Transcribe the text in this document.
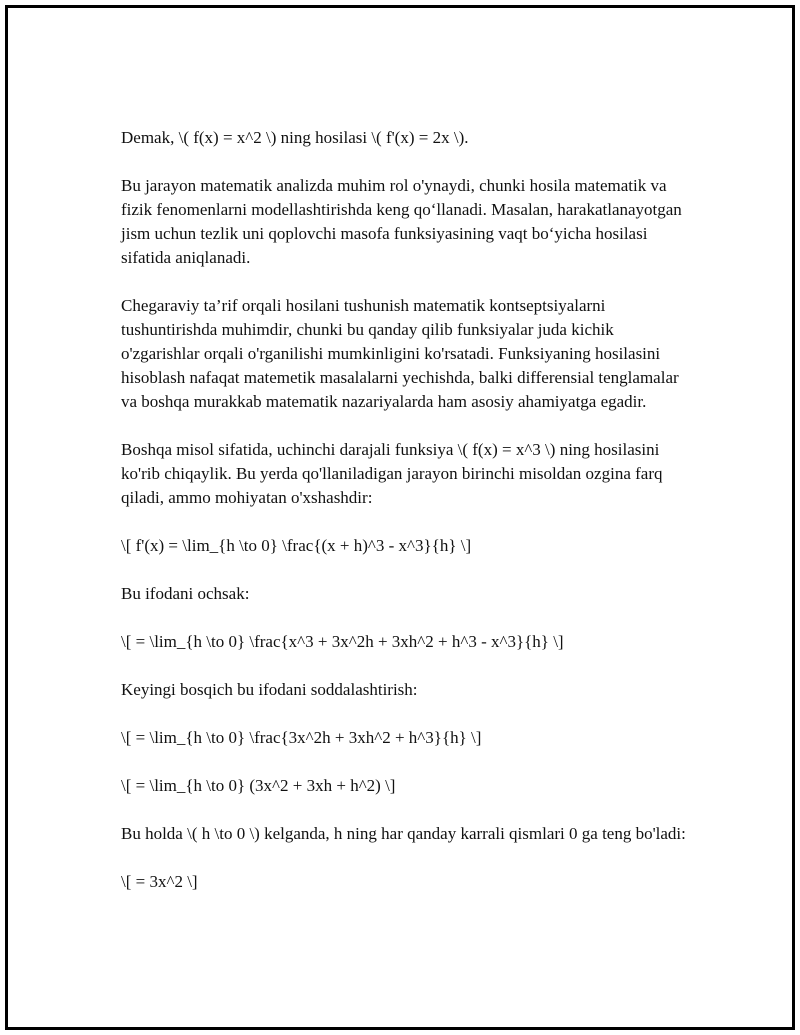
Demak, \( f(x) = x^2 \) ning hosilasi \( f'(x) = 2x \).

Bu jarayon matematik analizda muhim rol o'ynaydi, chunki hosila matematik va fizik fenomenlarni modellashtirishda keng qo‘llanadi. Masalan, harakatlanayotgan jism uchun tezlik uni qoplovchi masofa funksiyasining vaqt bo‘yicha hosilasi sifatida aniqlanadi.

Chegaraviy ta’rif orqali hosilani tushunish matematik kontseptsiyalarni tushuntirishda muhimdir, chunki bu qanday qilib funksiyalar juda kichik o'zgarishlar orqali o'rganilishi mumkinligini ko'rsatadi. Funksiyaning hosilasini hisoblash nafaqat matemetik masalalarni yechishda, balki differensial tenglamalar va boshqa murakkab matematik nazariyalarda ham asosiy ahamiyatga egadir.

Boshqa misol sifatida, uchinchi darajali funksiya \( f(x) = x^3 \) ning hosilasini ko'rib chiqaylik. Bu yerda qo'llaniladigan jarayon birinchi misoldan ozgina farq qiladi, ammo mohiyatan o'xshashdir:

\[ f'(x) = \lim_{h \to 0} \frac{(x + h)^3 - x^3}{h} \]

Bu ifodani ochsak:

\[ = \lim_{h \to 0} \frac{x^3 + 3x^2h + 3xh^2 + h^3 - x^3}{h} \]

Keyingi bosqich bu ifodani soddalashtirish:

\[ = \lim_{h \to 0} \frac{3x^2h + 3xh^2 + h^3}{h} \]

\[ = \lim_{h \to 0} (3x^2 + 3xh + h^2) \]

Bu holda \( h \to 0 \) kelganda, h ning har qanday karrali qismlari 0 ga teng bo'ladi:

\[ = 3x^2 \]
